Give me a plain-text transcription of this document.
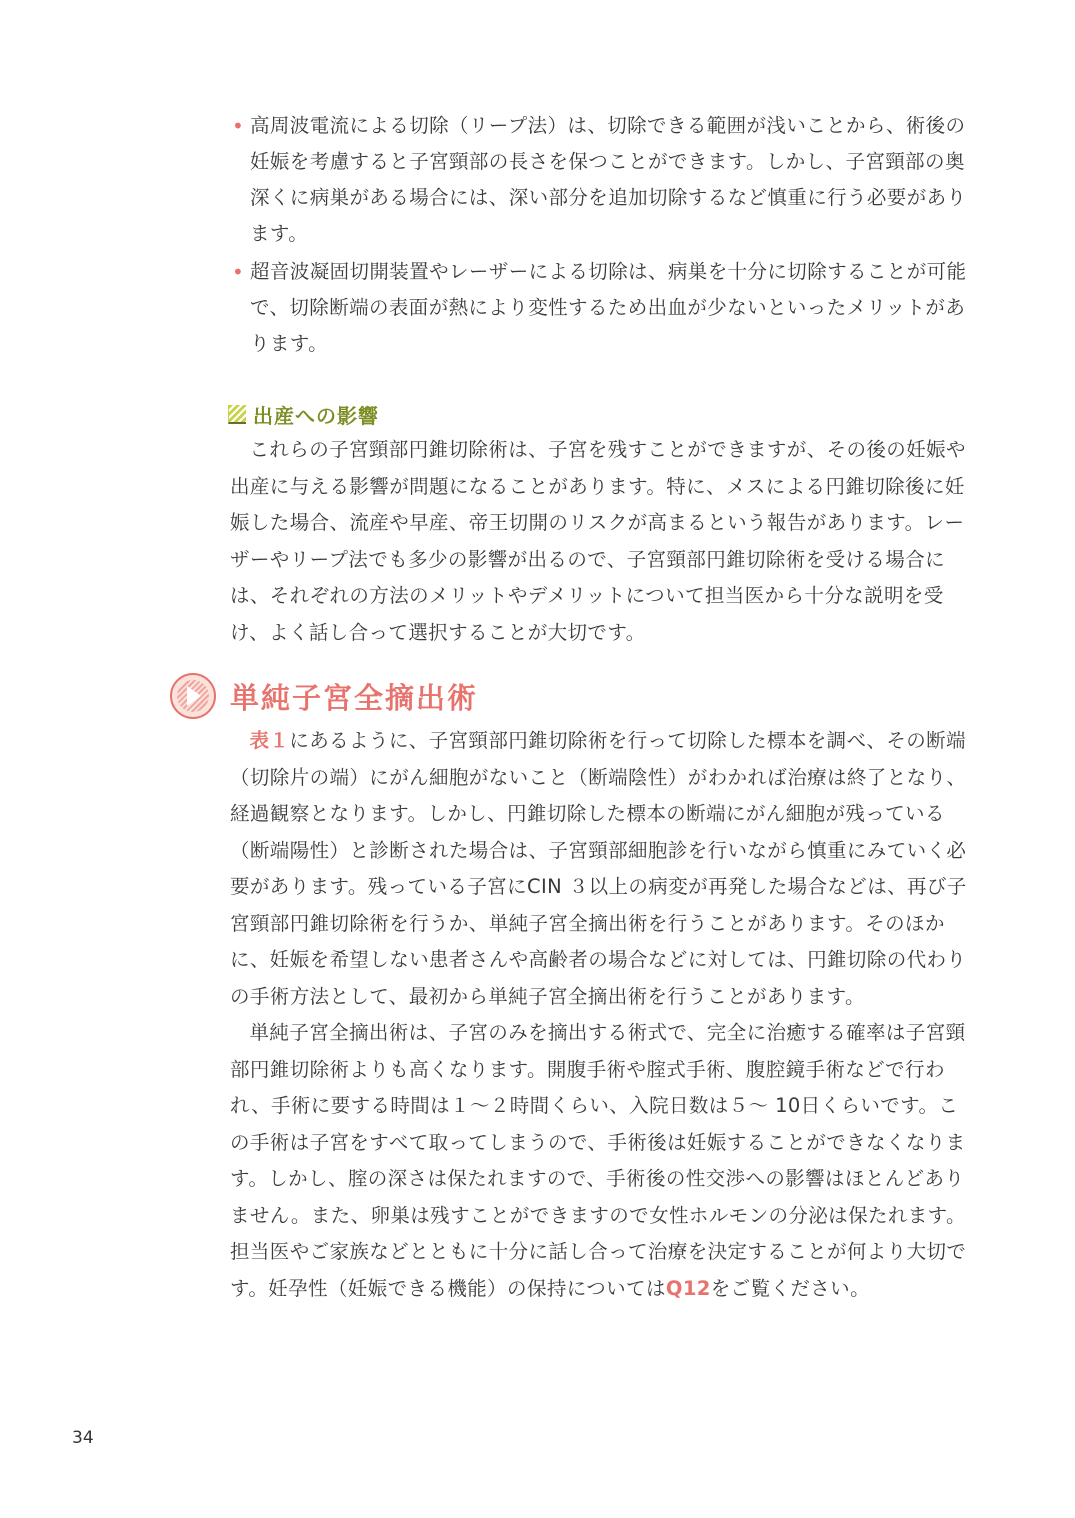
• 高周波電流による切除（リープ法）は、切除できる範囲が浅いことから、術後の妊娠を考慮すると子宮頸部の長さを保つことができます。しかし、子宮頸部の奥深くに病巣がある場合には、深い部分を追加切除するなど慎重に行う必要があります。
• 超音波凝固切開装置やレーザーによる切除は、病巣を十分に切除することが可能で、切除断端の表面が熱により変性するため出血が少ないといったメリットがあります。
出産への影響

これらの子宮頸部円錐切除術は、子宮を残すことができますが、その後の妊娠や出産に与える影響が問題になることがあります。特に、メスによる円錐切除後に妊娠した場合、流産や早産、帝王切開のリスクが高まるという報告があります。レーザーやリープ法でも多少の影響が出るので、子宮頸部円錐切除術を受ける場合には、それぞれの方法のメリットやデメリットについて担当医から十分な説明を受け、よく話し合って選択することが大切です。

単純子宮全摘出術

表１にあるように、子宮頸部円錐切除術を行って切除した標本を調べ、その断端（切除片の端）にがん細胞がないこと（断端陰性）がわかれば治療は終了となり、経過観察となります。しかし、円錐切除した標本の断端にがん細胞が残っている（断端陽性）と診断された場合は、子宮頸部細胞診を行いながら慎重にみていく必要があります。残っている子宮にCIN ３以上の病変が再発した場合などは、再び子宮頸部円錐切除術を行うか、単純子宮全摘出術を行うことがあります。そのほかに、妊娠を希望しない患者さんや高齢者の場合などに対しては、円錐切除の代わりの手術方法として、最初から単純子宮全摘出術を行うことがあります。

単純子宮全摘出術は、子宮のみを摘出する術式で、完全に治癒する確率は子宮頸部円錐切除術よりも高くなります。開腹手術や腟式手術、腹腔鏡手術などで行われ、手術に要する時間は１～２時間くらい、入院日数は５～ 10日くらいです。この手術は子宮をすべて取ってしまうので、手術後は妊娠することができなくなります。しかし、腟の深さは保たれますので、手術後の性交渉への影響はほとんどありません。また、卵巣は残すことができますので女性ホルモンの分泌は保たれます。担当医やご家族などとともに十分に話し合って治療を決定することが何より大切です。妊孕性（妊娠できる機能）の保持についてはQ12をご覧ください。

34
